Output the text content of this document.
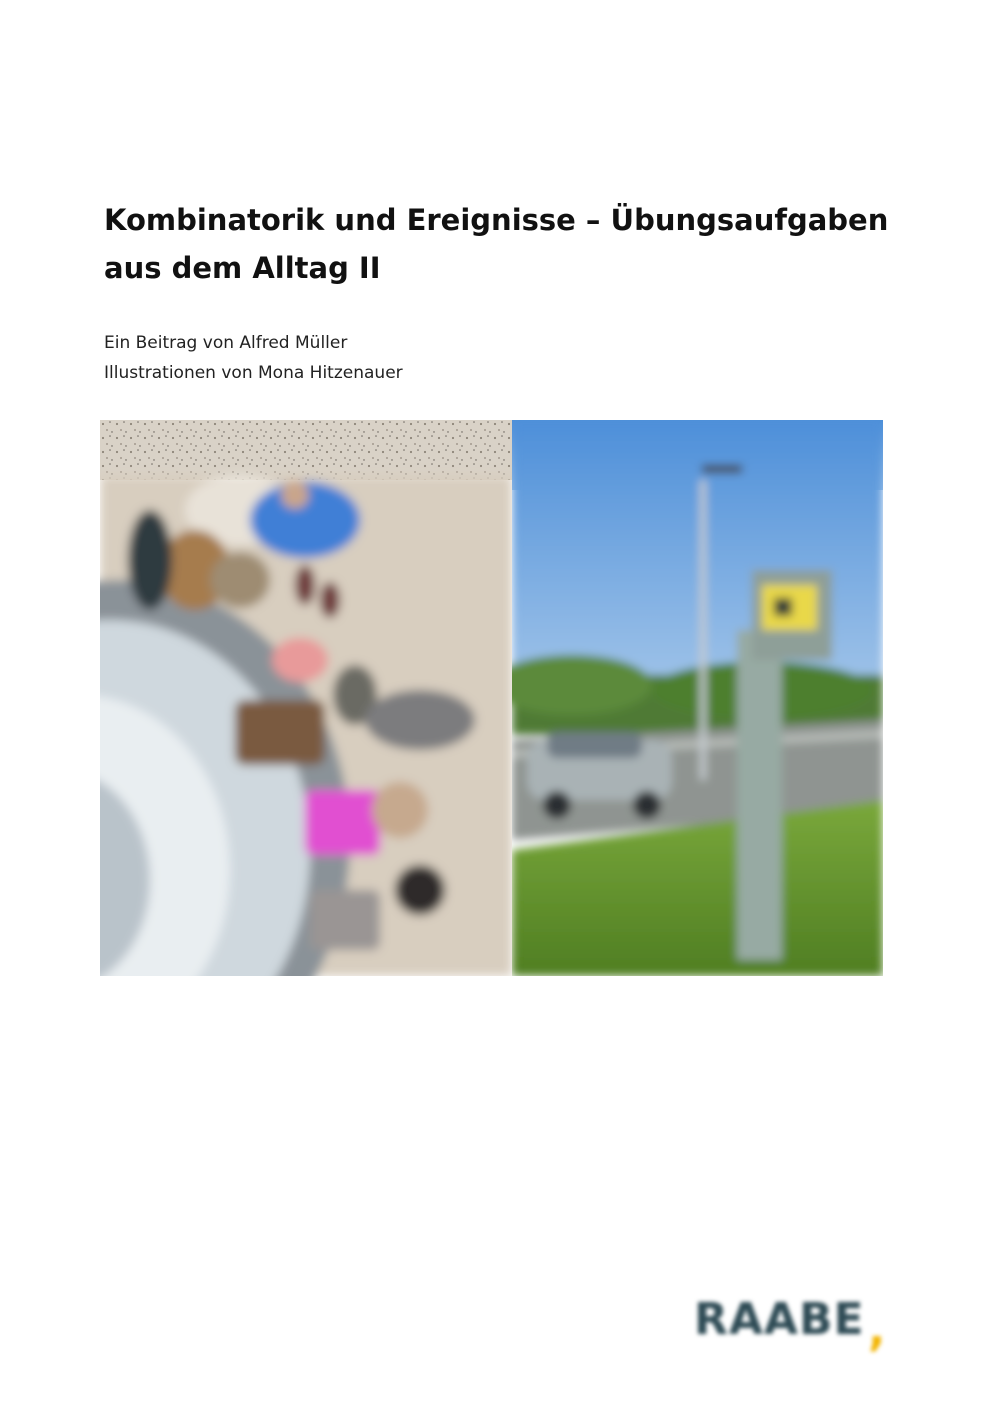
Kombinatorik und Ereignisse – Übungsaufgaben
aus dem Alltag II
Ein Beitrag von Alfred Müller
Illustrationen von Mona Hitzenauer

RAABE ,
